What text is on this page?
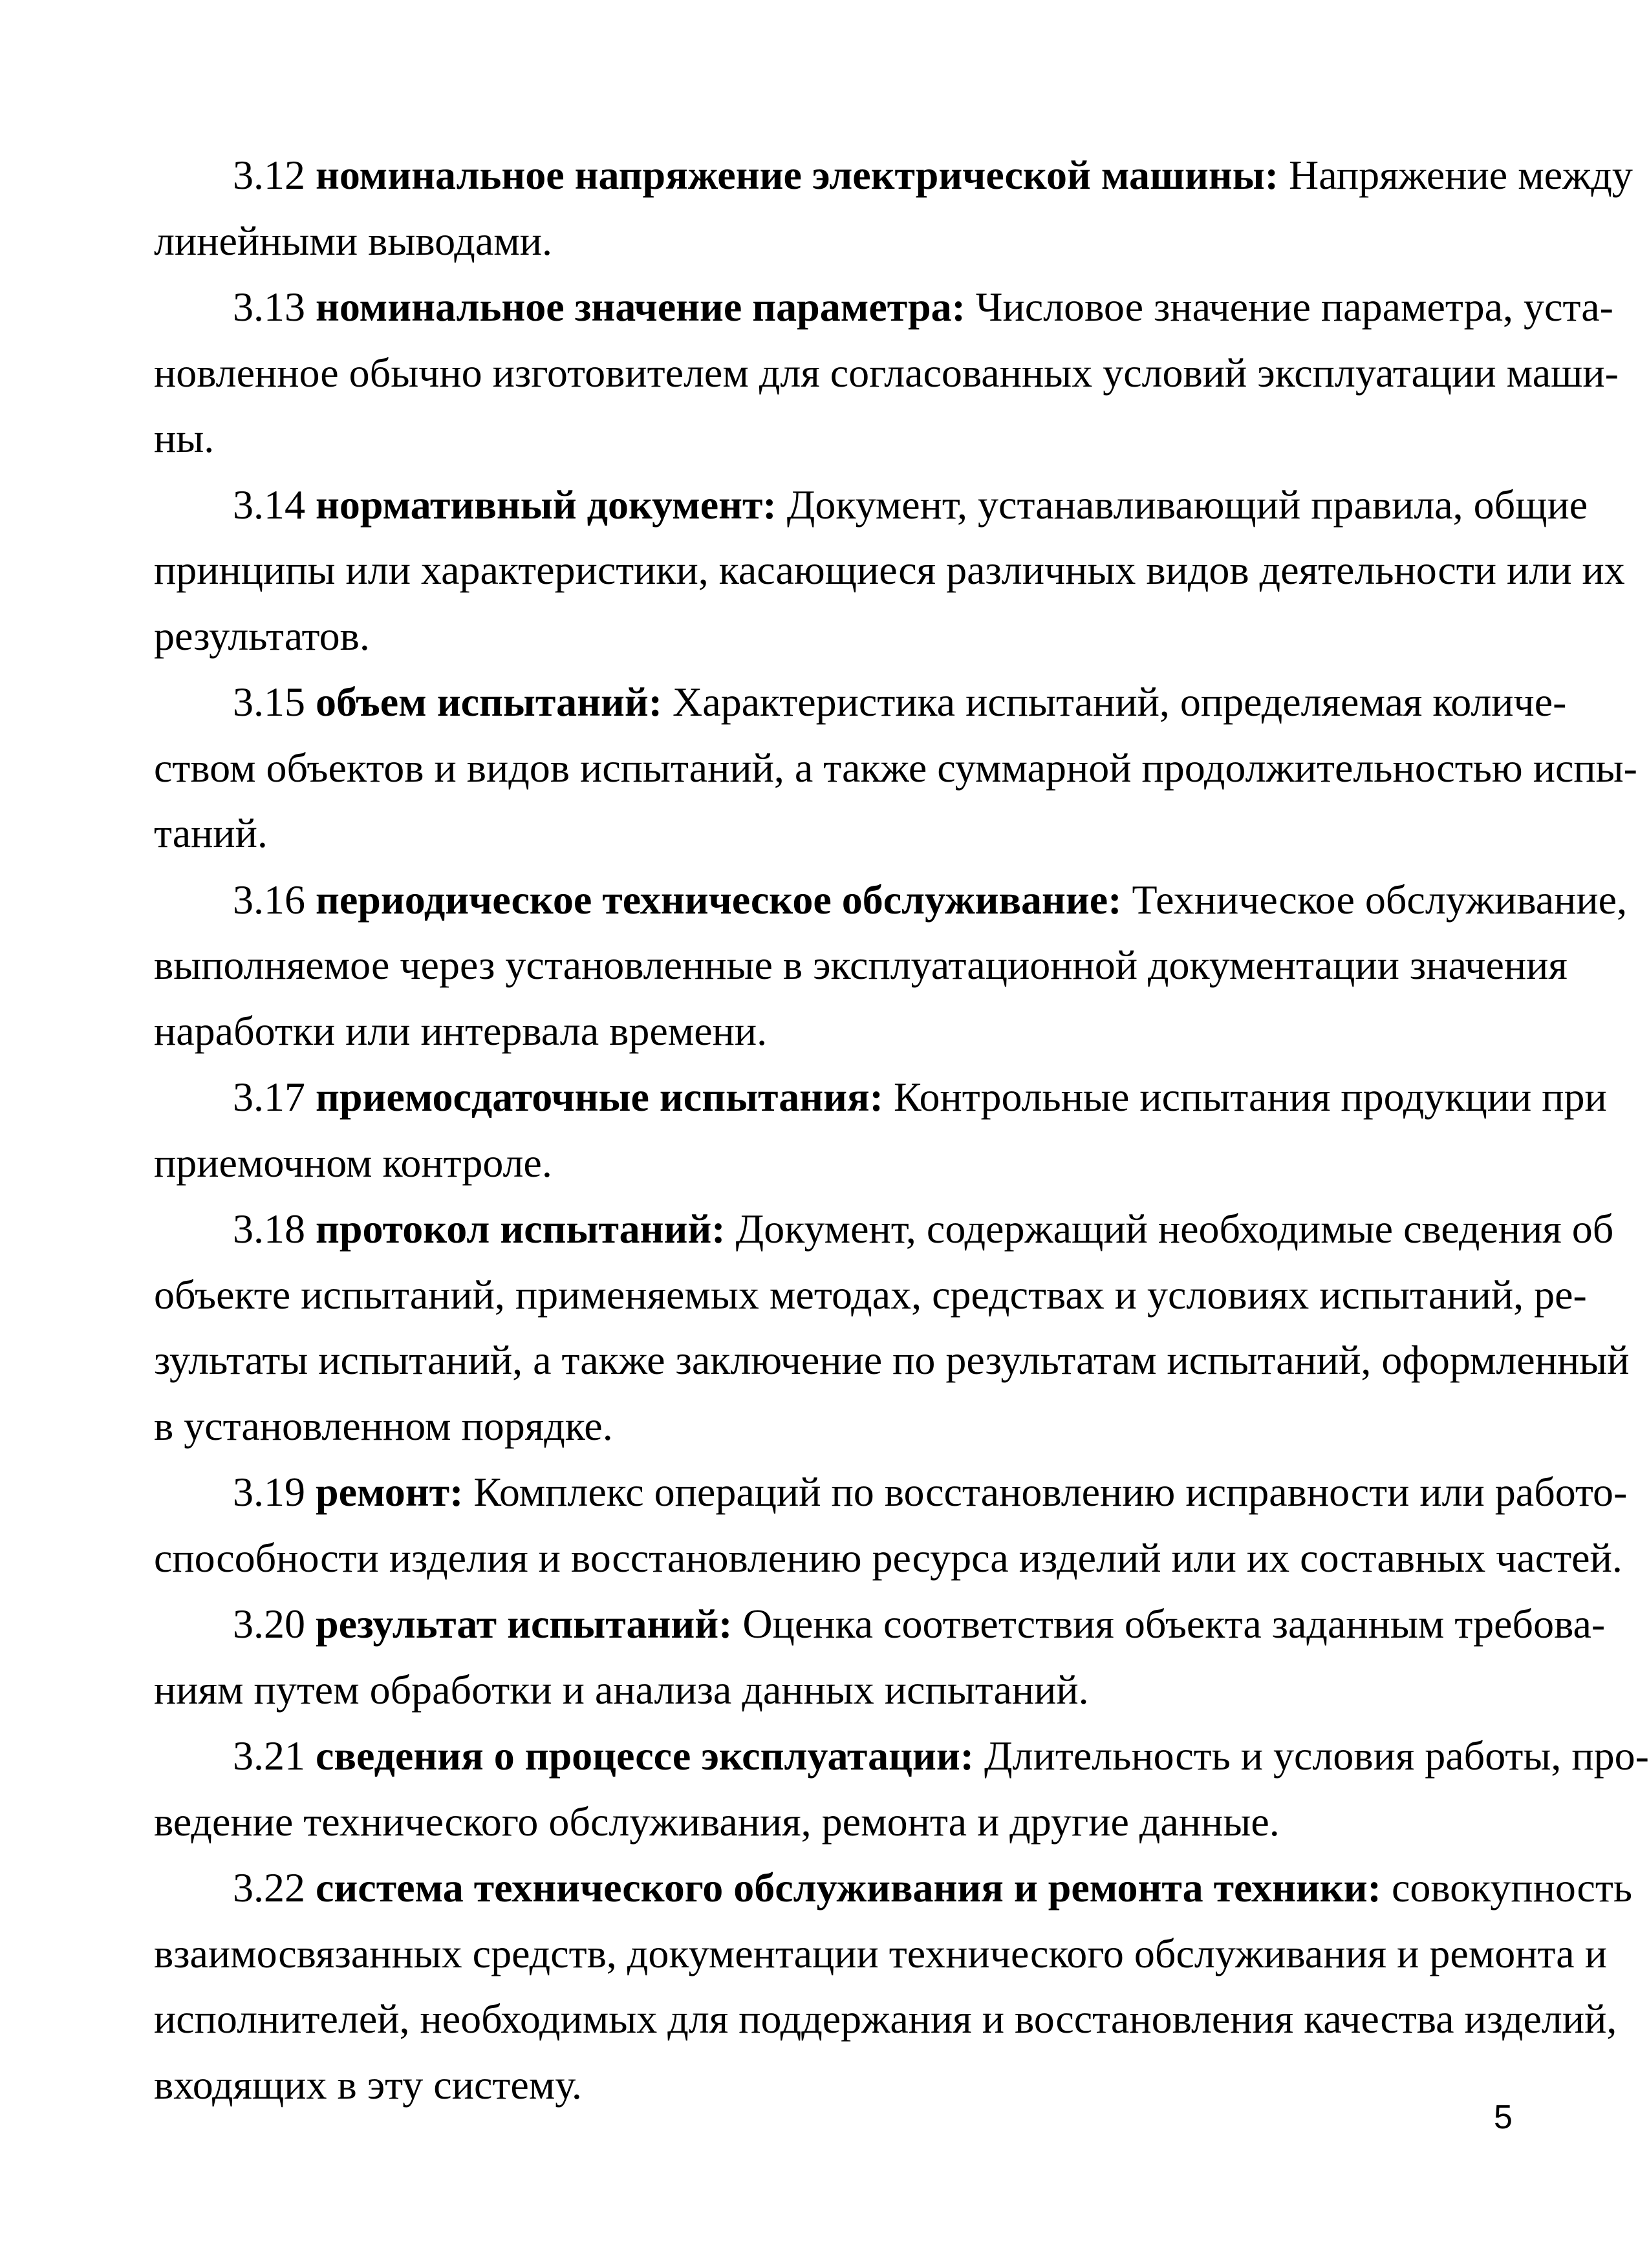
3.12 номинальное напряжение электрической машины: Напряжение между
линейными выводами.
3.13 номинальное значение параметра: Числовое значение параметра, уста-
новленное обычно изготовителем для согласованных условий эксплуатации маши-
ны.
3.14 нормативный документ: Документ, устанавливающий правила, общие
принципы или характеристики, касающиеся различных видов деятельности или их
результатов.
3.15 объем испытаний: Характеристика испытаний, определяемая количе-
ством объектов и видов испытаний, а также суммарной продолжительностью испы-
таний.
3.16 периодическое техническое обслуживание: Техническое обслуживание,
выполняемое через установленные в эксплуатационной документации значения
наработки или интервала времени.
3.17 приемосдаточные испытания: Контрольные испытания продукции при
приемочном контроле.
3.18 протокол испытаний: Документ, содержащий необходимые сведения об
объекте испытаний, применяемых методах, средствах и условиях испытаний, ре-
зультаты испытаний, а также заключение по результатам испытаний, оформленный
в установленном порядке.
3.19 ремонт: Комплекс операций по восстановлению исправности или работо-
способности изделия и восстановлению ресурса изделий или их составных частей.
3.20 результат испытаний: Оценка соответствия объекта заданным требова-
ниям путем обработки и анализа данных испытаний.
3.21 сведения о процессе эксплуатации: Длительность и условия работы, про-
ведение технического обслуживания, ремонта и другие данные.
3.22 система технического обслуживания и ремонта техники: совокупность
взаимосвязанных средств, документации технического обслуживания и ремонта и
исполнителей, необходимых для поддержания и восстановления качества изделий,
входящих в эту систему.
5
